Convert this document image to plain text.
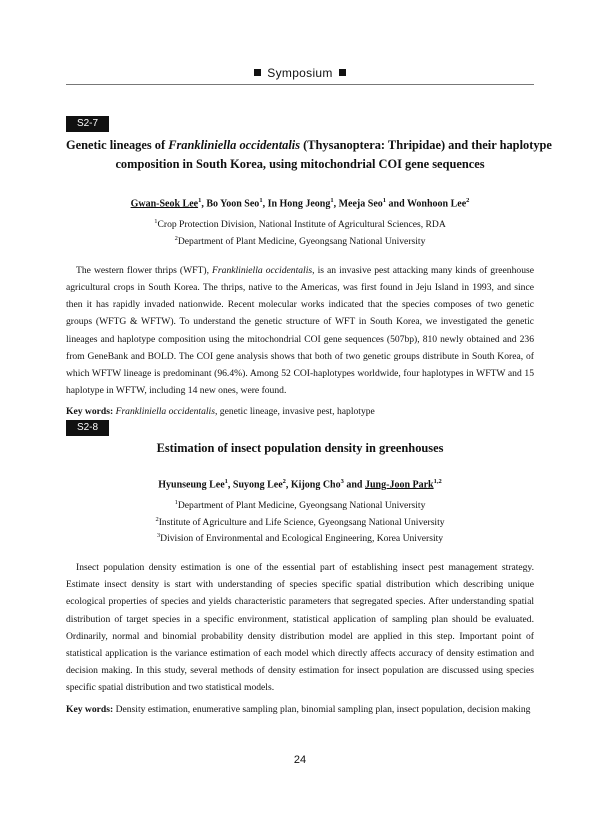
Symposium
S2-7
Genetic lineages of Frankliniella occidentalis (Thysanoptera: Thripidae) and their haplotype
composition in South Korea, using mitochondrial COI gene sequences
Gwan-Seok Lee$^1$, Bo Yoon Seo$^1$, In Hong Jeong$^1$, Meeja Seo$^1$ and Wonhoon Lee$^2$
$^1$Crop Protection Division, National Institute of Agricultural Sciences, RDA
$^2$Department of Plant Medicine, Gyeongsang National University

The western flower thrips (WFT), Frankliniella occidentalis, is an invasive pest attacking many kinds of greenhouse agricultural crops in South Korea. The thrips, native to the Americas, was first found in Jeju Island in 1993, and since then it has rapidly invaded nationwide. Recent molecular works indicated that the species composes of two genetic groups (WFTG & WFTW). To understand the genetic structure of WFT in South Korea, we investigated the genetic lineages and haplotype composition using the mitochondrial COI gene sequences (507bp), 810 newly obtained and 236 from GeneBank and BOLD. The COI gene analysis shows that both of two genetic groups distribute in South Korea, of which WFTW lineage is predominant (96.4%). Among 52 COI-haplotypes worldwide, four haplotypes in WFTW and 15 haplotype in WFTW, including 14 new ones, were found.

Key words: Frankliniella occidentalis, genetic lineage, invasive pest, haplotype

S2-8
Estimation of insect population density in greenhouses
Hyunseung Lee$^1$, Suyong Lee$^2$, Kijong Cho$^3$ and Jung-Joon Park$^{1,2}$
$^1$Department of Plant Medicine, Gyeongsang National University
$^2$Institute of Agriculture and Life Science, Gyeongsang National University
$^3$Division of Environmental and Ecological Engineering, Korea University

Insect population density estimation is one of the essential part of establishing insect pest management strategy. Estimate insect density is start with understanding of species specific spatial distribution which describing unique ecological properties of species and yields characteristic parameters that segregated species. After understanding spatial distribution of target species in a specific environment, statistical application of sampling plan should be evaluated. Ordinarily, normal and binomial probability density distribution model are applied in this step. Important point of statistical application is the variance estimation of each model which directly affects accuracy of density estimation and decision making. In this study, several methods of density estimation for insect population are discussed using species specific spatial distribution and two statistical models.

Key words: Density estimation, enumerative sampling plan, binomial sampling plan, insect population, decision making

24
